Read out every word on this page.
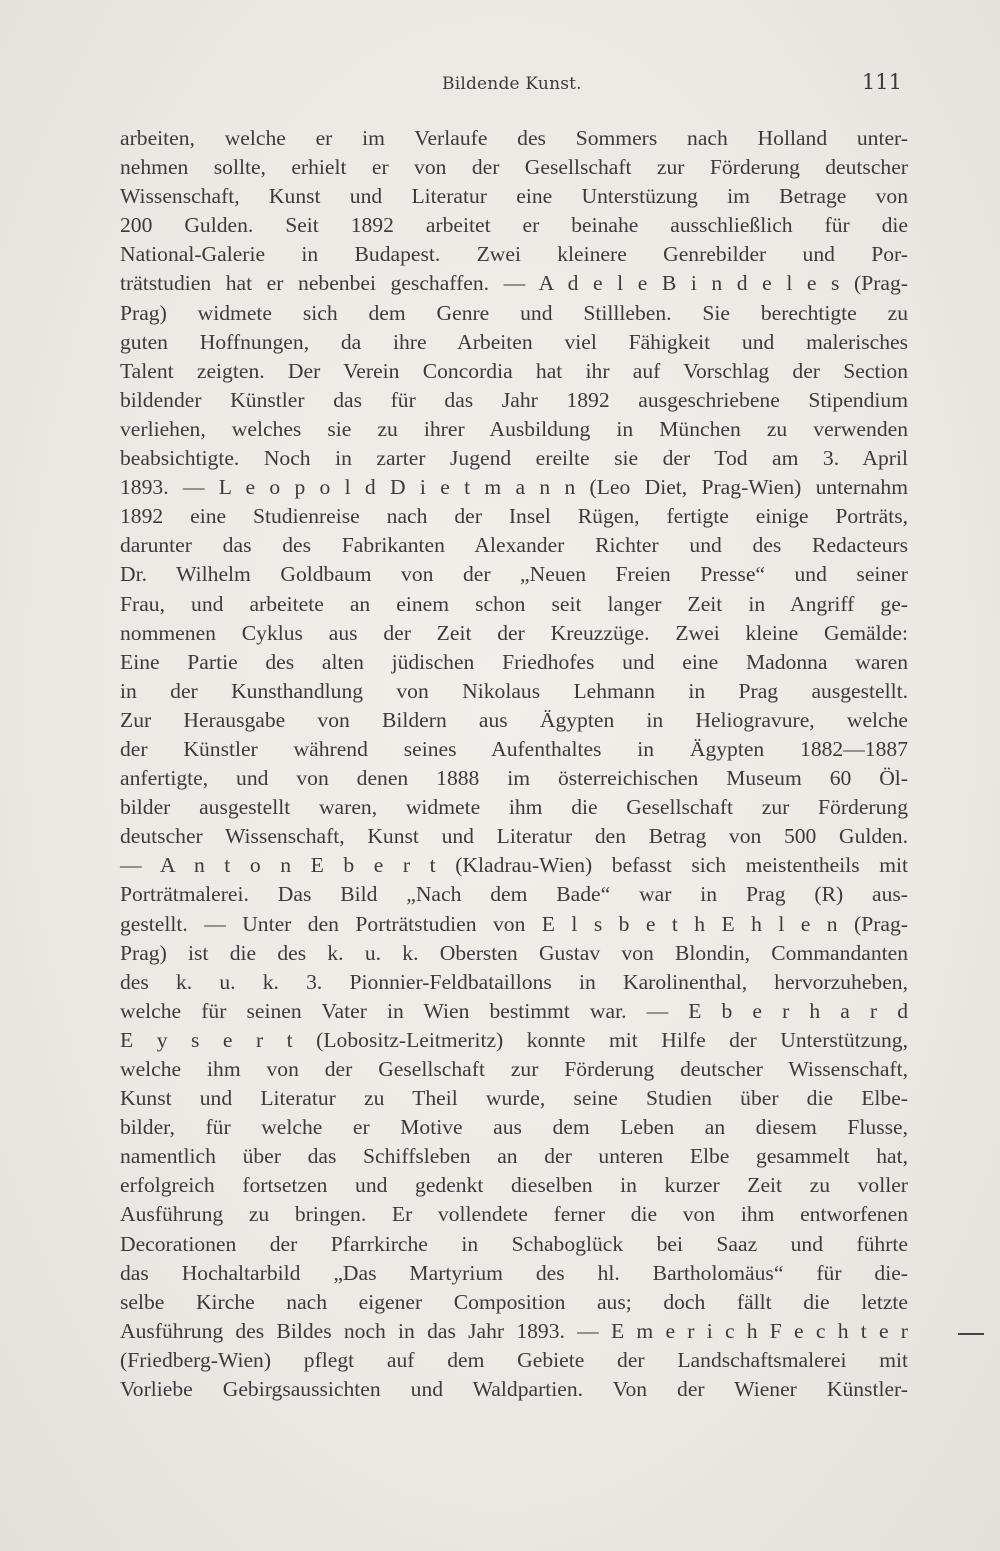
Bildende Kunst.	111
arbeiten, welche er im Verlaufe des Sommers nach Holland unter-
nehmen sollte, erhielt er von der Gesellschaft zur Förderung deutscher
Wissenschaft, Kunst und Literatur eine Unterstüzung im Betrage von
200 Gulden. Seit 1892 arbeitet er beinahe ausschließlich für die
National-Galerie in Budapest. Zwei kleinere Genrebilder und Por-
trätstudien hat er nebenbei geschaffen. — A d e l e B i n d e l e s (Prag-
Prag) widmete sich dem Genre und Stillleben. Sie berechtigte zu
guten Hoffnungen, da ihre Arbeiten viel Fähigkeit und malerisches
Talent zeigten. Der Verein Concordia hat ihr auf Vorschlag der Section
bildender Künstler das für das Jahr 1892 ausgeschriebene Stipendium
verliehen, welches sie zu ihrer Ausbildung in München zu verwenden
beabsichtigte. Noch in zarter Jugend ereilte sie der Tod am 3. April
1893. — L e o p o l d D i e t m a n n (Leo Diet, Prag-Wien) unternahm
1892 eine Studienreise nach der Insel Rügen, fertigte einige Porträts,
darunter das des Fabrikanten Alexander Richter und des Redacteurs
Dr. Wilhelm Goldbaum von der „Neuen Freien Presse“ und seiner
Frau, und arbeitete an einem schon seit langer Zeit in Angriff ge-
nommenen Cyklus aus der Zeit der Kreuzzüge. Zwei kleine Gemälde:
Eine Partie des alten jüdischen Friedhofes und eine Madonna waren
in der Kunsthandlung von Nikolaus Lehmann in Prag ausgestellt.
Zur Herausgabe von Bildern aus Ägypten in Heliogravure, welche
der Künstler während seines Aufenthaltes in Ägypten 1882—1887
anfertigte, und von denen 1888 im österreichischen Museum 60 Öl-
bilder ausgestellt waren, widmete ihm die Gesellschaft zur Förderung
deutscher Wissenschaft, Kunst und Literatur den Betrag von 500 Gulden.
— A n t o n E b e r t (Kladrau-Wien) befasst sich meistentheils mit
Porträtmalerei. Das Bild „Nach dem Bade“ war in Prag (R) aus-
gestellt. — Unter den Porträtstudien von E l s b e t h E h l e n (Prag-
Prag) ist die des k. u. k. Obersten Gustav von Blondin, Commandanten
des k. u. k. 3. Pionnier-Feldbataillons in Karolinenthal, hervorzuheben,
welche für seinen Vater in Wien bestimmt war. — E b e r h a r d
E y s e r t (Lobositz-Leitmeritz) konnte mit Hilfe der Unterstützung,
welche ihm von der Gesellschaft zur Förderung deutscher Wissenschaft,
Kunst und Literatur zu Theil wurde, seine Studien über die Elbe-
bilder, für welche er Motive aus dem Leben an diesem Flusse,
namentlich über das Schiffsleben an der unteren Elbe gesammelt hat,
erfolgreich fortsetzen und gedenkt dieselben in kurzer Zeit zu voller
Ausführung zu bringen. Er vollendete ferner die von ihm entworfenen
Decorationen der Pfarrkirche in Schaboglück bei Saaz und führte
das Hochaltarbild „Das Martyrium des hl. Bartholomäus“ für die-
selbe Kirche nach eigener Composition aus; doch fällt die letzte
Ausführung des Bildes noch in das Jahr 1893. — E m e r i c h F e c h t e r
(Friedberg-Wien) pflegt auf dem Gebiete der Landschaftsmalerei mit
Vorliebe Gebirgsaussichten und Waldpartien. Von der Wiener Künstler-
